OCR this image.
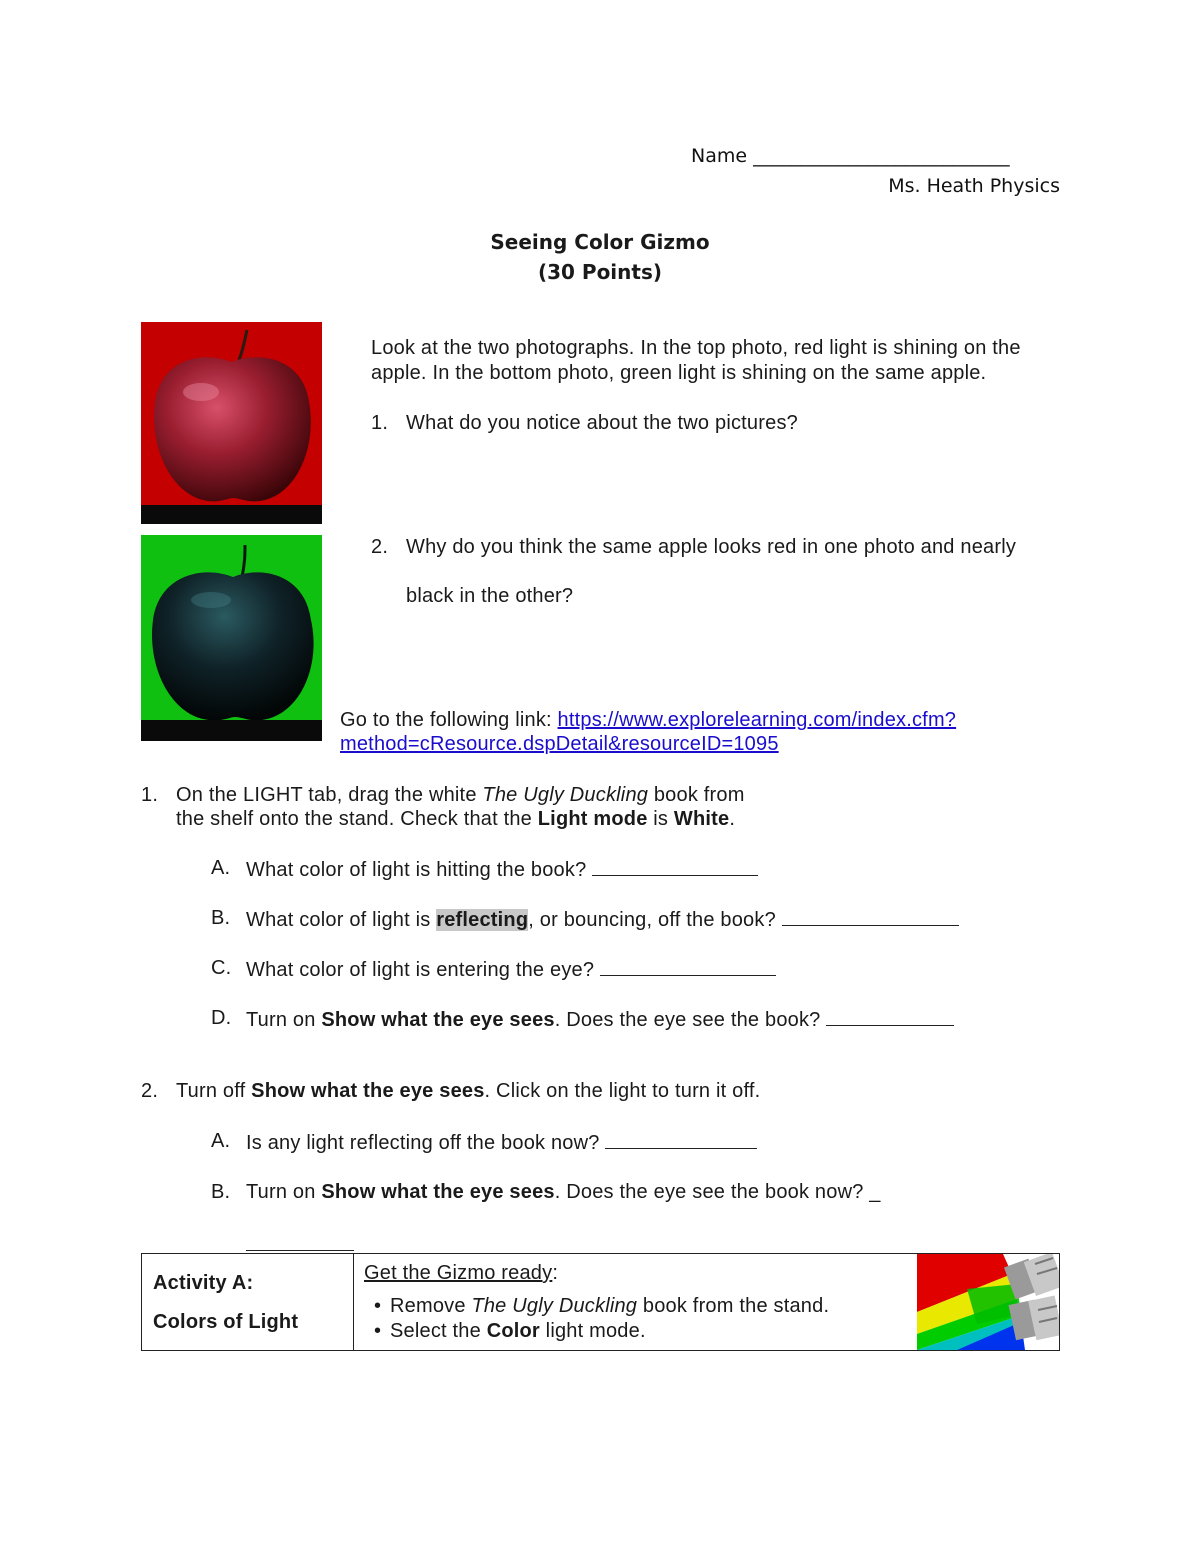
Name ___________________________
Ms. Heath Physics
Seeing Color Gizmo
(30 Points)
Look at the two photographs. In the top photo, red light is shining on the
apple. In the bottom photo, green light is shining on the same apple.
1. What do you notice about the two pictures?
2. Why do you think the same apple looks red in one photo and nearly
black in the other?
Go to the following link: https://www.explorelearning.com/index.cfm?
method=cResource.dspDetail&resourceID=1095
1. On the LIGHT tab, drag the white The Ugly Duckling book from
the shelf onto the stand. Check that the Light mode is White.
A. What color of light is hitting the book?
B. What color of light is reflecting, or bouncing, off the book?
C. What color of light is entering the eye?
D. Turn on Show what the eye sees. Does the eye see the book?
2. Turn off Show what the eye sees. Click on the light to turn it off.
A. Is any light reflecting off the book now?
B. Turn on Show what the eye sees. Does the eye see the book now? _
Activity A:
Colors of Light

Get the Gizmo ready:
• Remove The Ugly Duckling book from the stand.
• Select the Color light mode.
